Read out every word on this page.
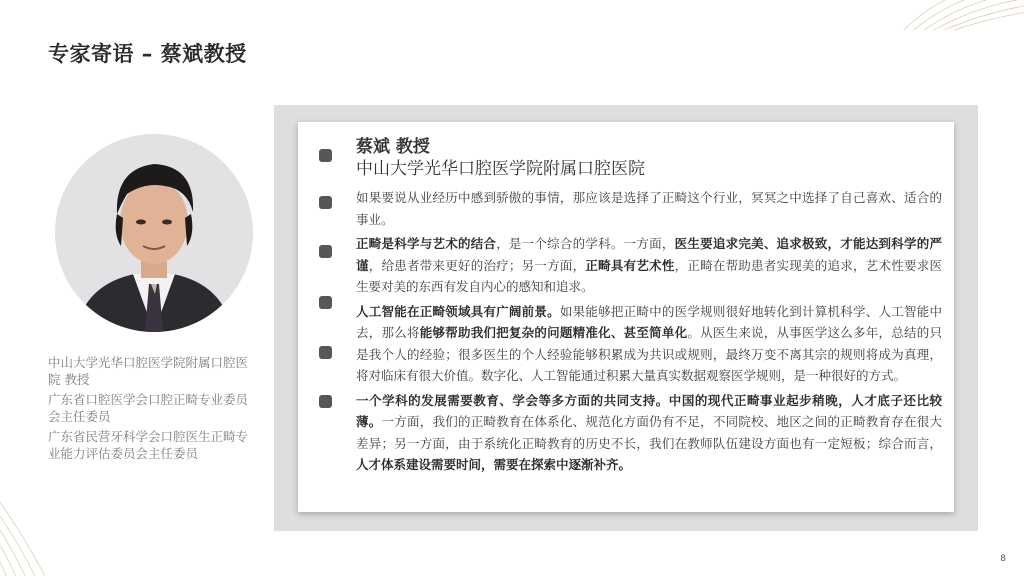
专家寄语 – 蔡斌教授
中山大学光华口腔医学院附属口腔医院 教授
广东省口腔医学会口腔正畸专业委员会主任委员
广东省民营牙科学会口腔医生正畸专业能力评估委员会主任委员
蔡斌 教授
中山大学光华口腔医学院附属口腔医院
如果要说从业经历中感到骄傲的事情，那应该是选择了正畸这个行业，冥冥之中选择了自己喜欢、适合的事业。
正畸是科学与艺术的结合，是一个综合的学科。一方面，医生要追求完美、追求极致，才能达到科学的严谨，给患者带来更好的治疗；另一方面，正畸具有艺术性，正畸在帮助患者实现美的追求，艺术性要求医生要对美的东西有发自内心的感知和追求。
人工智能在正畸领域具有广阔前景。如果能够把正畸中的医学规则很好地转化到计算机科学、人工智能中去，那么将能够帮助我们把复杂的问题精准化、甚至简单化。从医生来说，从事医学这么多年，总结的只是我个人的经验；很多医生的个人经验能够积累成为共识或规则，最终万变不离其宗的规则将成为真理，将对临床有很大价值。数字化、人工智能通过积累大量真实数据观察医学规则，是一种很好的方式。
一个学科的发展需要教育、学会等多方面的共同支持。中国的现代正畸事业起步稍晚，人才底子还比较薄。一方面，我们的正畸教育在体系化、规范化方面仍有不足，不同院校、地区之间的正畸教育存在很大差异；另一方面，由于系统化正畸教育的历史不长，我们在教师队伍建设方面也有一定短板；综合而言，人才体系建设需要时间，需要在探索中逐渐补齐。
8
